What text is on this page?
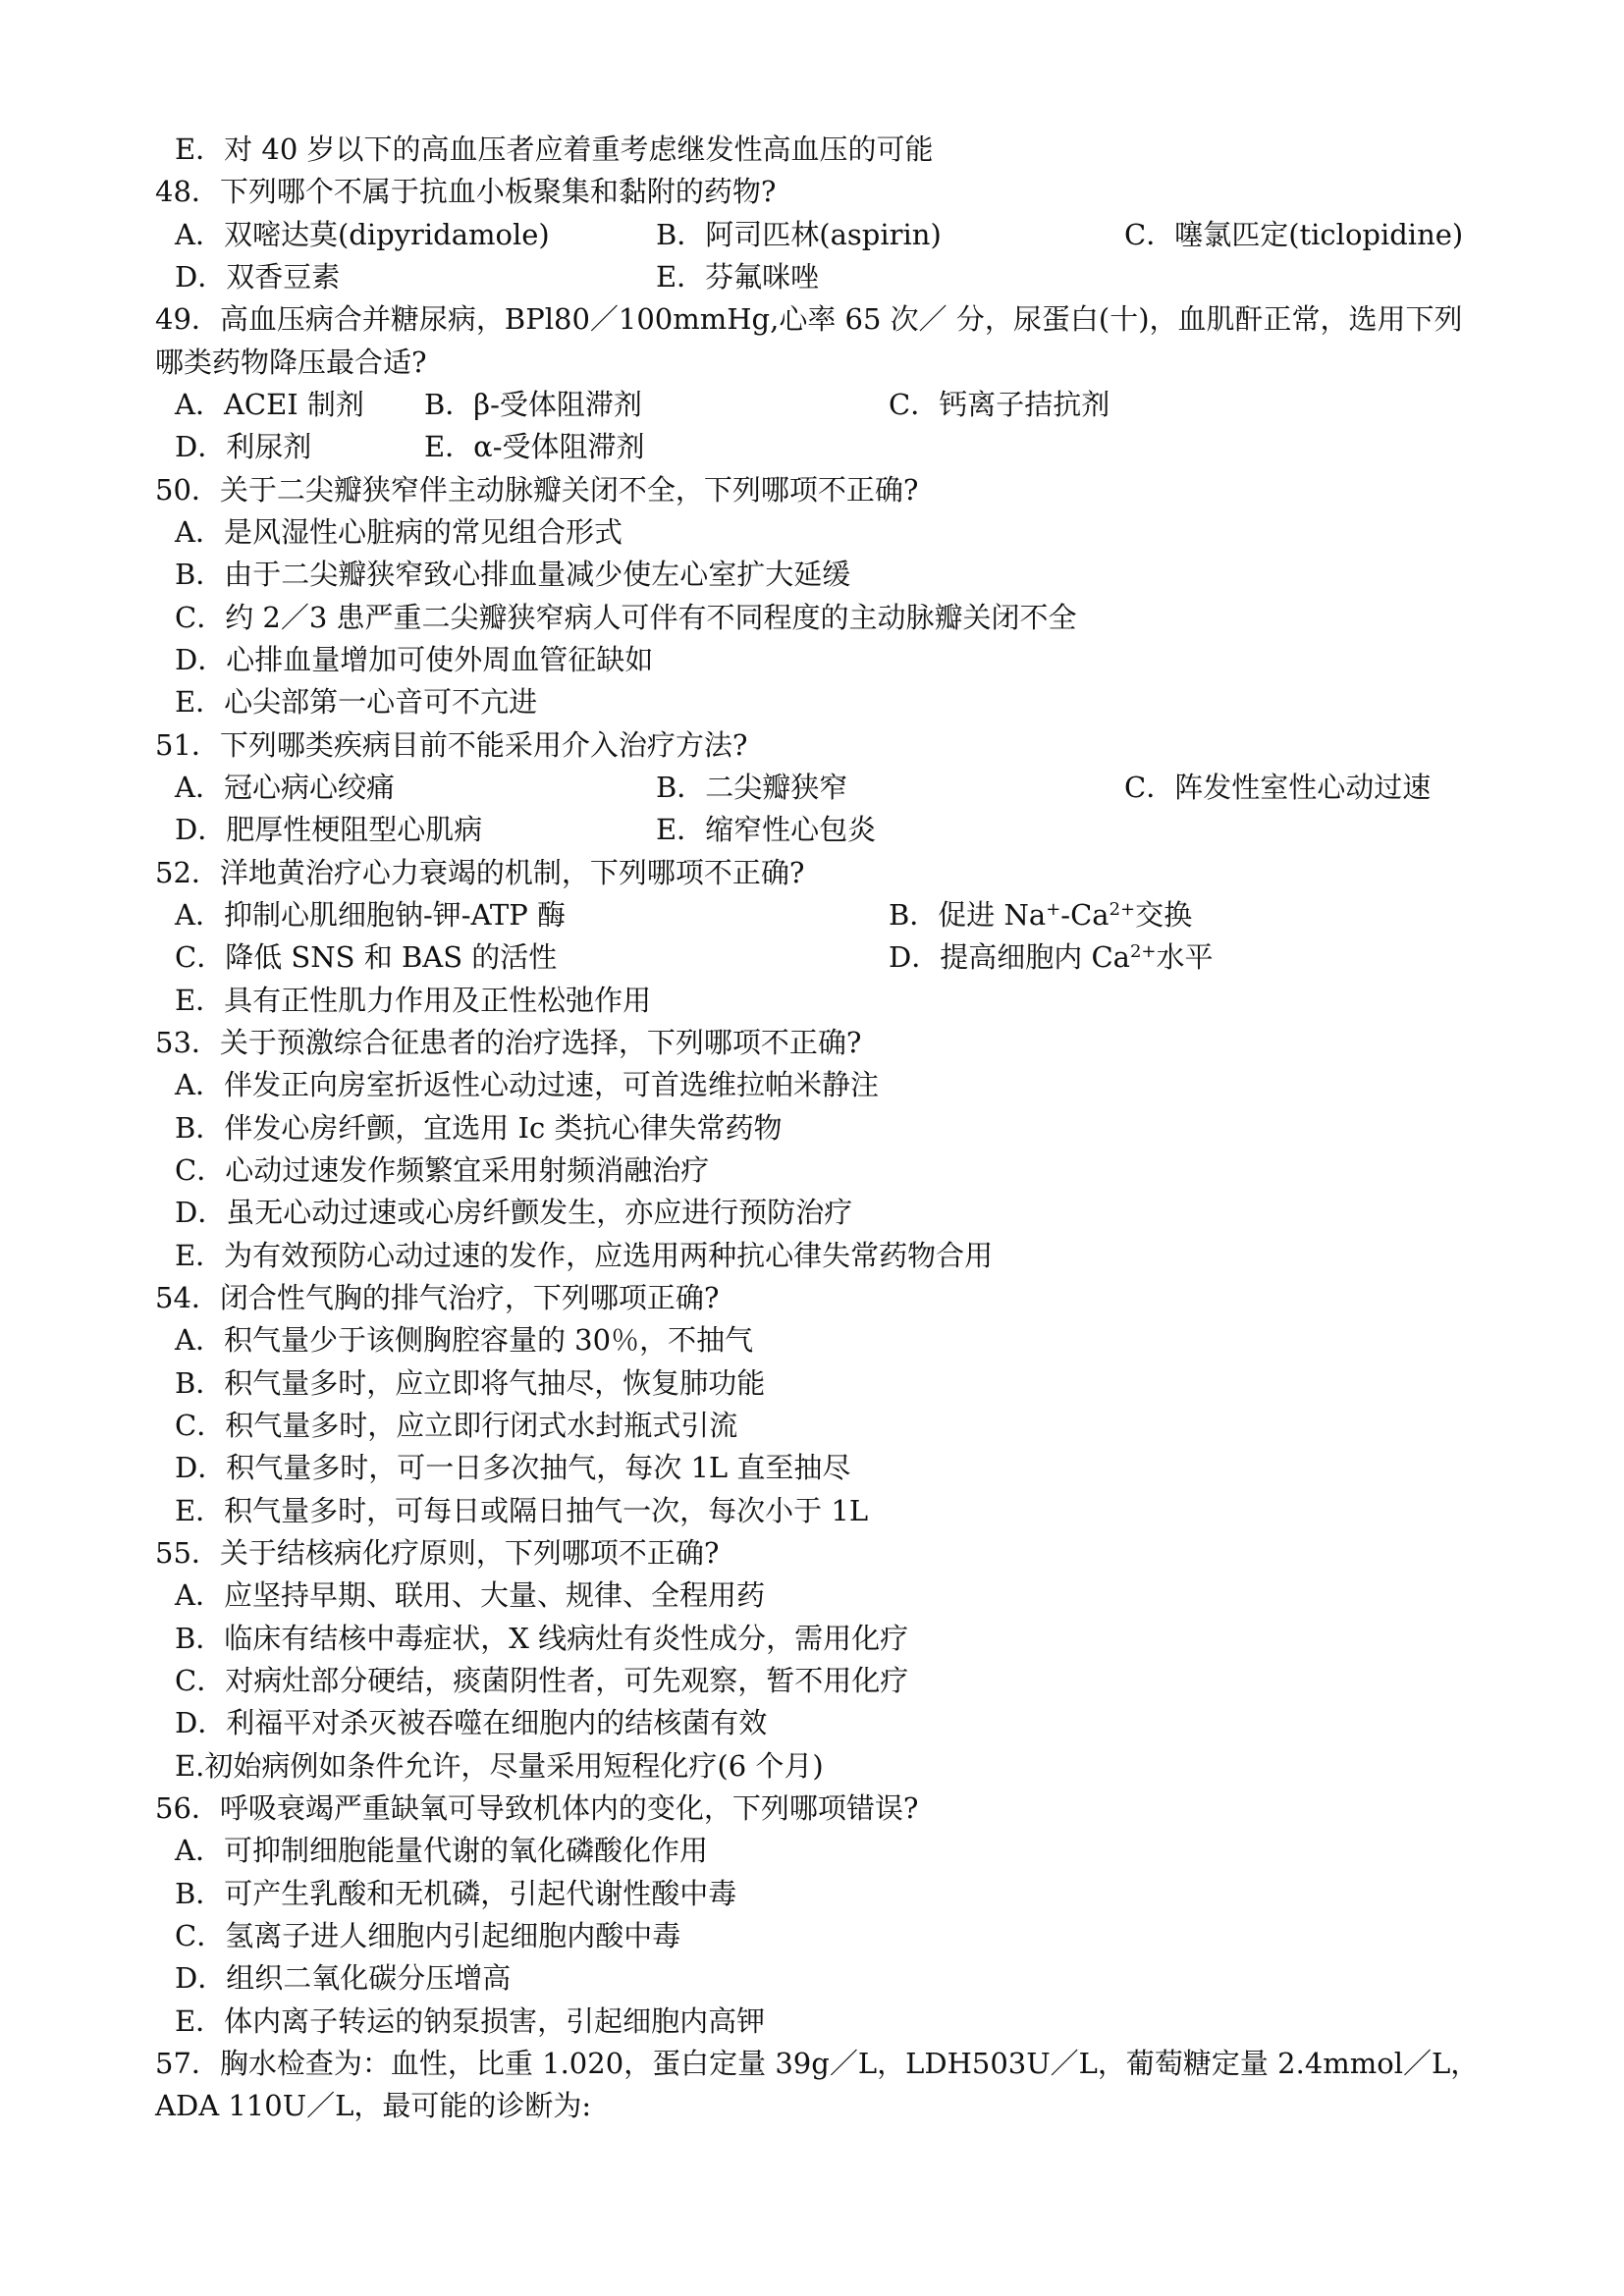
E．对 40 岁以下的高血压者应着重考虑继发性高血压的可能
48．下列哪个不属于抗血小板聚集和黏附的药物?
A．双嘧达莫(dipyridamole)	B．阿司匹林(aspirin)	C．噻氯匹定(ticlopidine)
D．双香豆素	E．芬氟咪唑
49．高血压病合并糖尿病，BPl80／100mmHg,心率 65 次／ 分，尿蛋白(十)，血肌酐正常，选用下列
哪类药物降压最合适?
A．ACEI 制剂 B．β-受体阻滞剂	C．钙离子拮抗剂
D．利尿剂	E．α-受体阻滞剂
50．关于二尖瓣狭窄伴主动脉瓣关闭不全，下列哪项不正确?
A．是风湿性心脏病的常见组合形式
B．由于二尖瓣狭窄致心排血量减少使左心室扩大延缓
C．约 2／3 患严重二尖瓣狭窄病人可伴有不同程度的主动脉瓣关闭不全
D．心排血量增加可使外周血管征缺如
E．心尖部第一心音可不亢进
51．下列哪类疾病目前不能采用介入治疗方法?
A．冠心病心绞痛	B．二尖瓣狭窄	C．阵发性室性心动过速
D．肥厚性梗阻型心肌病	E．缩窄性心包炎
52．洋地黄治疗心力衰竭的机制，下列哪项不正确?
A．抑制心肌细胞钠-钾-ATP 酶	B．促进 $Na^+-Ca^{2+}$交换
C．降低 SNS 和 BAS 的活性	D．提高细胞内 $Ca^{2+}$水平
E．具有正性肌力作用及正性松弛作用
53．关于预激综合征患者的治疗选择，下列哪项不正确?
A．伴发正向房室折返性心动过速，可首选维拉帕米静注
B．伴发心房纤颤，宜选用 Ic 类抗心律失常药物
C．心动过速发作频繁宜采用射频消融治疗
D．虽无心动过速或心房纤颤发生，亦应进行预防治疗
E．为有效预防心动过速的发作，应选用两种抗心律失常药物合用
54．闭合性气胸的排气治疗，下列哪项正确?
A．积气量少于该侧胸腔容量的 30％，不抽气
B．积气量多时，应立即将气抽尽，恢复肺功能
C．积气量多时，应立即行闭式水封瓶式引流
D．积气量多时，可一日多次抽气，每次 1L 直至抽尽
E．积气量多时，可每日或隔日抽气一次，每次小于 1L
55．关于结核病化疗原则，下列哪项不正确?
A．应坚持早期、联用、大量、规律、全程用药
B．临床有结核中毒症状，X 线病灶有炎性成分，需用化疗
C．对病灶部分硬结，痰菌阴性者，可先观察，暂不用化疗
D．利福平对杀灭被吞噬在细胞内的结核菌有效
E.初始病例如条件允许，尽量采用短程化疗(6 个月)
56．呼吸衰竭严重缺氧可导致机体内的变化，下列哪项错误?
A．可抑制细胞能量代谢的氧化磷酸化作用
B．可产生乳酸和无机磷，引起代谢性酸中毒
C．氢离子进人细胞内引起细胞内酸中毒
D．组织二氧化碳分压增高
E．体内离子转运的钠泵损害，引起细胞内高钾
57．胸水检查为：血性，比重 1.020，蛋白定量 39g／L，LDH503U／L，葡萄糖定量 2.4mmol／L，
ADA 110U／L，最可能的诊断为:
